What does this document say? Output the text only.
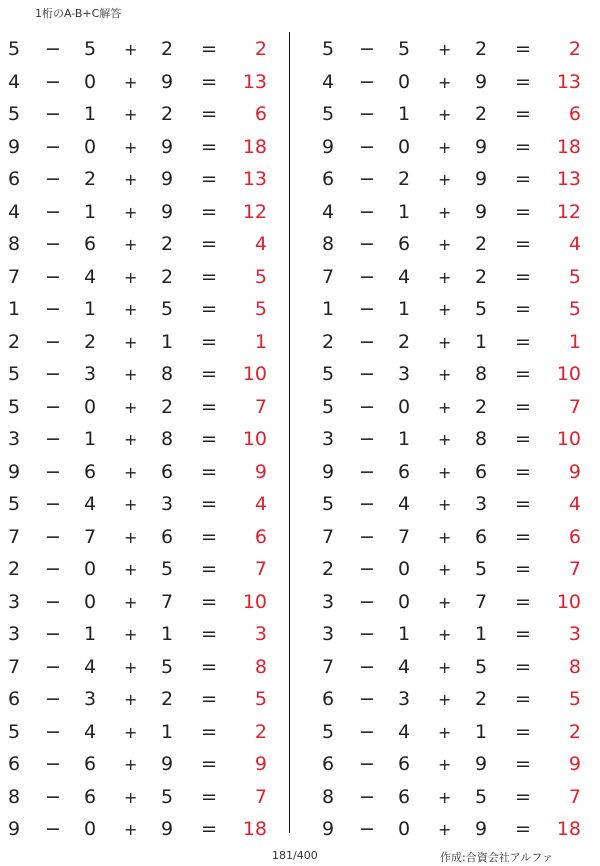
1桁のA-B+C解答
5 − 5 + 2 = 2
4 − 0 + 9 = 13
5 − 1 + 2 = 6
9 − 0 + 9 = 18
6 − 2 + 9 = 13
4 − 1 + 9 = 12
8 − 6 + 2 = 4
7 − 4 + 2 = 5
1 − 1 + 5 = 5
2 − 2 + 1 = 1
5 − 3 + 8 = 10
5 − 0 + 2 = 7
3 − 1 + 8 = 10
9 − 6 + 6 = 9
5 − 4 + 3 = 4
7 − 7 + 6 = 6
2 − 0 + 5 = 7
3 − 0 + 7 = 10
3 − 1 + 1 = 3
7 − 4 + 5 = 8
6 − 3 + 2 = 5
5 − 4 + 1 = 2
6 − 6 + 9 = 9
8 − 6 + 5 = 7
9 − 0 + 9 = 18
5 − 5 + 2 = 2
4 − 0 + 9 = 13
5 − 1 + 2 = 6
9 − 0 + 9 = 18
6 − 2 + 9 = 13
4 − 1 + 9 = 12
8 − 6 + 2 = 4
7 − 4 + 2 = 5
1 − 1 + 5 = 5
2 − 2 + 1 = 1
5 − 3 + 8 = 10
5 − 0 + 2 = 7
3 − 1 + 8 = 10
9 − 6 + 6 = 9
5 − 4 + 3 = 4
7 − 7 + 6 = 6
2 − 0 + 5 = 7
3 − 0 + 7 = 10
3 − 1 + 1 = 3
7 − 4 + 5 = 8
6 − 3 + 2 = 5
5 − 4 + 1 = 2
6 − 6 + 9 = 9
8 − 6 + 5 = 7
9 − 0 + 9 = 18
181/400	作成:合資会社アルファ
